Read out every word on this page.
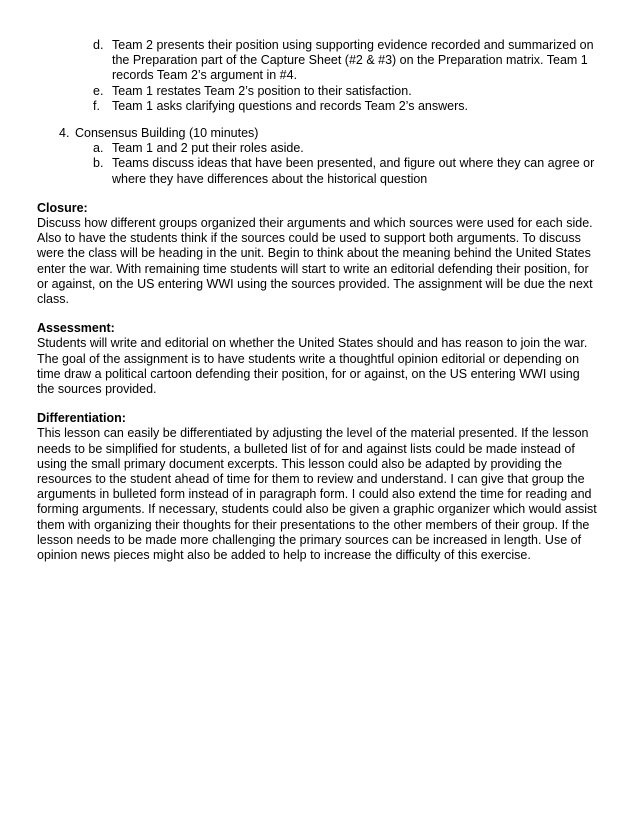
d. Team 2 presents their position using supporting evidence recorded and summarized on the Preparation part of the Capture Sheet (#2 & #3) on the Preparation matrix. Team 1 records Team 2’s argument in #4.
e. Team 1 restates Team 2’s position to their satisfaction.
f. Team 1 asks clarifying questions and records Team 2’s answers.
4. Consensus Building (10 minutes)
a. Team 1 and 2 put their roles aside.
b. Teams discuss ideas that have been presented, and figure out where they can agree or where they have differences about the historical question
Closure:
Discuss how different groups organized their arguments and which sources were used for each side. Also to have the students think if the sources could be used to support both arguments. To discuss were the class will be heading in the unit. Begin to think about the meaning behind the United States enter the war. With remaining time students will start to write an editorial defending their position, for or against, on the US entering WWI using the sources provided. The assignment will be due the next class.
Assessment:
Students will write and editorial on whether the United States should and has reason to join the war. The goal of the assignment is to have students write a thoughtful opinion editorial or depending on time draw a political cartoon defending their position, for or against, on the US entering WWI using the sources provided.
Differentiation:
This lesson can easily be differentiated by adjusting the level of the material presented. If the lesson needs to be simplified for students, a bulleted list of for and against lists could be made instead of using the small primary document excerpts. This lesson could also be adapted by providing the resources to the student ahead of time for them to review and understand. I can give that group the arguments in bulleted form instead of in paragraph form. I could also extend the time for reading and forming arguments. If necessary, students could also be given a graphic organizer which would assist them with organizing their thoughts for their presentations to the other members of their group. If the lesson needs to be made more challenging the primary sources can be increased in length. Use of opinion news pieces might also be added to help to increase the difficulty of this exercise.
